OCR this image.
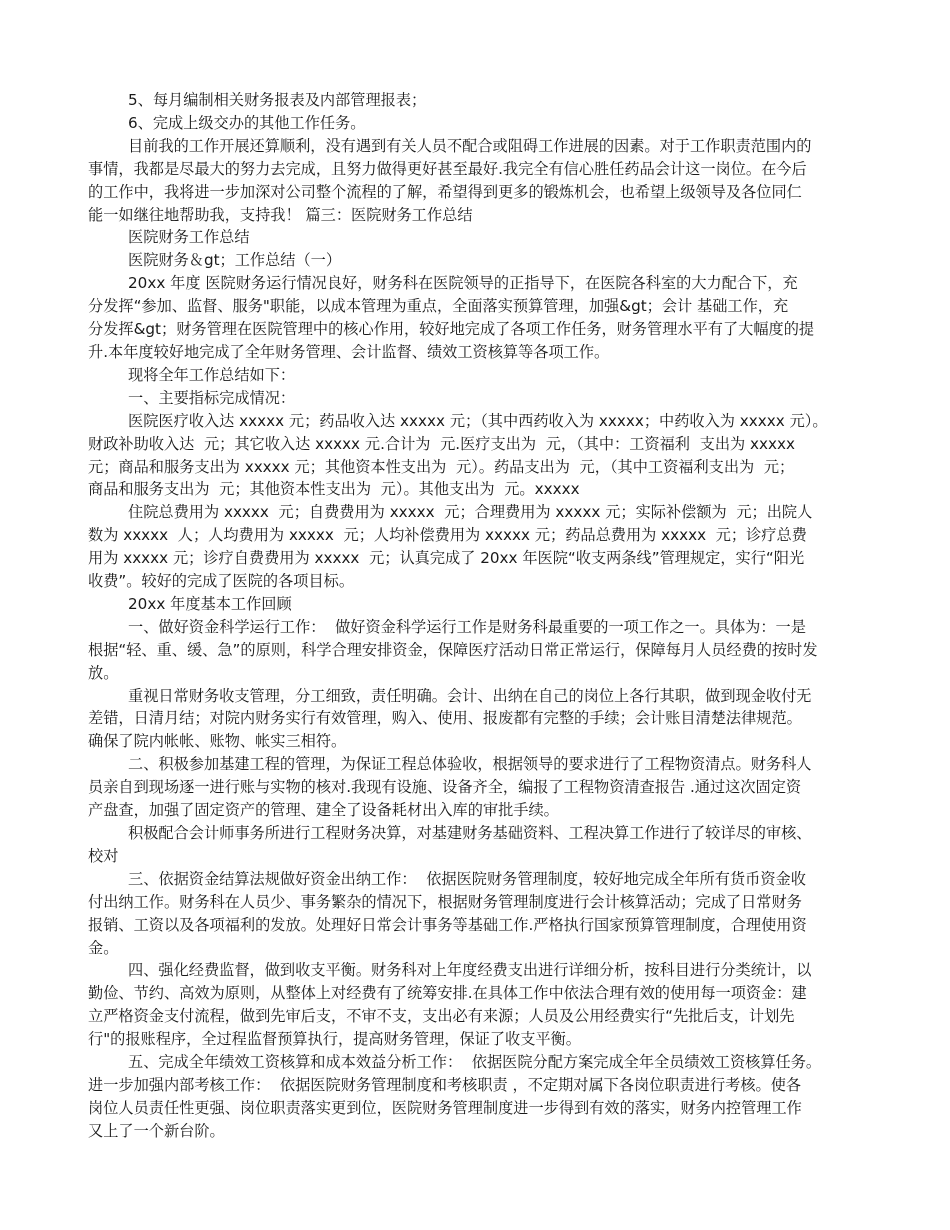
5、每月编制相关财务报表及内部管理报表；
6、完成上级交办的其他工作任务。
目前我的工作开展还算顺利，没有遇到有关人员不配合或阻碍工作进展的因素。对于工作职责范围内的
事情，我都是尽最大的努力去完成，且努力做得更好甚至最好.我完全有信心胜任药品会计这一岗位。在今后
的工作中，我将进一步加深对公司整个流程的了解，希望得到更多的锻炼机会，也希望上级领导及各位同仁
能一如继往地帮助我，支持我！ 篇三：医院财务工作总结
医院财务工作总结
医院财务＆gt；工作总结（一）
20xx 年度 医院财务运行情况良好，财务科在医院领导的正指导下，在医院各科室的大力配合下，充
分发挥“参加、监督、服务"职能，以成本管理为重点，全面落实预算管理，加强&gt；会计 基础工作，充
分发挥&gt；财务管理在医院管理中的核心作用，较好地完成了各项工作任务，财务管理水平有了大幅度的提
升.本年度较好地完成了全年财务管理、会计监督、绩效工资核算等各项工作。
现将全年工作总结如下：
一、主要指标完成情况：
医院医疗收入达 xxxxx 元；药品收入达 xxxxx 元；（其中西药收入为 xxxxx；中药收入为 xxxxx 元）。
财政补助收入达  元；其它收入达 xxxxx 元.合计为  元.医疗支出为  元，（其中：工资福利  支出为 xxxxx
元；商品和服务支出为 xxxxx 元；其他资本性支出为  元）。药品支出为  元，（其中工资福利支出为  元；
商品和服务支出为  元；其他资本性支出为  元）。其他支出为  元。xxxxx
住院总费用为 xxxxx  元；自费费用为 xxxxx  元；合理费用为 xxxxx 元；实际补偿额为  元；出院人
数为 xxxxx  人；人均费用为 xxxxx  元；人均补偿费用为 xxxxx 元；药品总费用为 xxxxx  元；诊疗总费
用为 xxxxx 元；诊疗自费费用为 xxxxx  元；认真完成了 20xx 年医院“收支两条线”管理规定，实行“阳光
收费”。较好的完成了医院的各项目标。
20xx 年度基本工作回顾
一、做好资金科学运行工作：  做好资金科学运行工作是财务科最重要的一项工作之一。具体为：一是
根据“轻、重、缓、急”的原则，科学合理安排资金，保障医疗活动日常正常运行，保障每月人员经费的按时发
放。
重视日常财务收支管理，分工细致，责任明确。会计、出纳在自己的岗位上各行其职，做到现金收付无
差错，日清月结；对院内财务实行有效管理，购入、使用、报废都有完整的手续；会计账目清楚法律规范。
确保了院内帐帐、账物、帐实三相符。
二、积极参加基建工程的管理，为保证工程总体验收，根据领导的要求进行了工程物资清点。财务科人
员亲自到现场逐一进行账与实物的核对.我现有设施、设备齐全，编报了工程物资清查报告 .通过这次固定资
产盘查，加强了固定资产的管理、建全了设备耗材出入库的审批手续。
积极配合会计师事务所进行工程财务决算，对基建财务基础资料、工程决算工作进行了较详尽的审核、
校对
三、依据资金结算法规做好资金出纳工作：  依据医院财务管理制度，较好地完成全年所有货币资金收
付出纳工作。财务科在人员少、事务繁杂的情况下，根据财务管理制度进行会计核算活动；完成了日常财务
报销、工资以及各项福利的发放。处理好日常会计事务等基础工作.严格执行国家预算管理制度，合理使用资
金。
四、强化经费监督，做到收支平衡。财务科对上年度经费支出进行详细分析，按科目进行分类统计，以
勤俭、节约、高效为原则，从整体上对经费有了统筹安排.在具体工作中依法合理有效的使用每一项资金：建
立严格资金支付流程，做到先审后支，不审不支，支出必有来源；人员及公用经费实行“先批后支，计划先
行"的报账程序，全过程监督预算执行，提高财务管理，保证了收支平衡。
五、完成全年绩效工资核算和成本效益分析工作：  依据医院分配方案完成全年全员绩效工资核算任务。
进一步加强内部考核工作：  依据医院财务管理制度和考核职责 ，不定期对属下各岗位职责进行考核。使各
岗位人员责任性更强、岗位职责落实更到位，医院财务管理制度进一步得到有效的落实，财务内控管理工作
又上了一个新台阶。
